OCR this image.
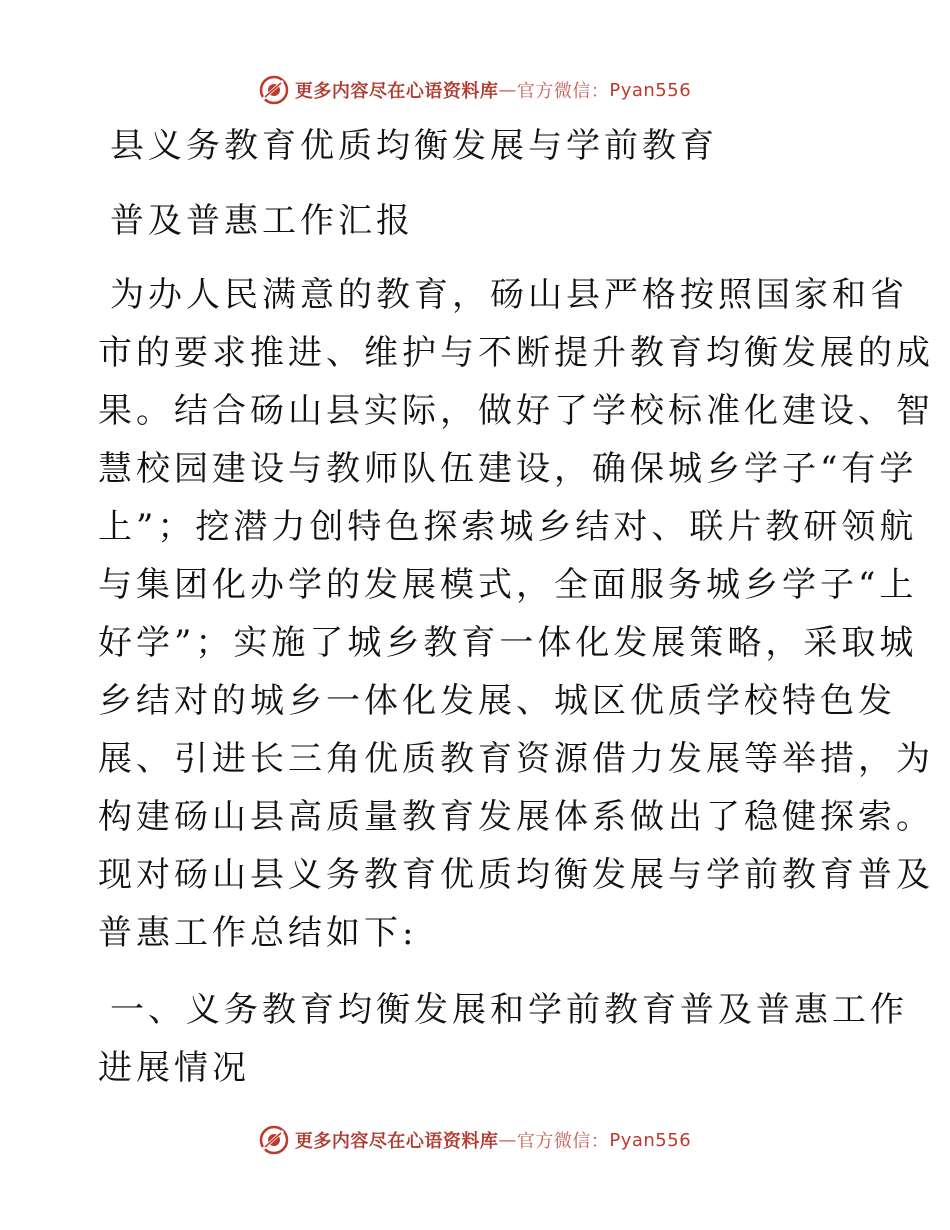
更多内容尽在心语资料库 — 官方微信： Pyan556
县义务教育优质均衡发展与学前教育
普及普惠工作汇报
为办人民满意的教育，砀山县严格按照国家和省
市的要求推进、维护与不断提升教育均衡发展的成
果。结合砀山县实际，做好了学校标准化建设、智
慧校园建设与教师队伍建设，确保城乡学子“有学
上”；挖潜力创特色探索城乡结对、联片教研领航
与集团化办学的发展模式，全面服务城乡学子“上
好学”；实施了城乡教育一体化发展策略，采取城
乡结对的城乡一体化发展、城区优质学校特色发
展、引进长三角优质教育资源借力发展等举措，为
构建砀山县高质量教育发展体系做出了稳健探索。
现对砀山县义务教育优质均衡发展与学前教育普及
普惠工作总结如下:
一、义务教育均衡发展和学前教育普及普惠工作
进展情况
更多内容尽在心语资料库 — 官方微信： Pyan556
